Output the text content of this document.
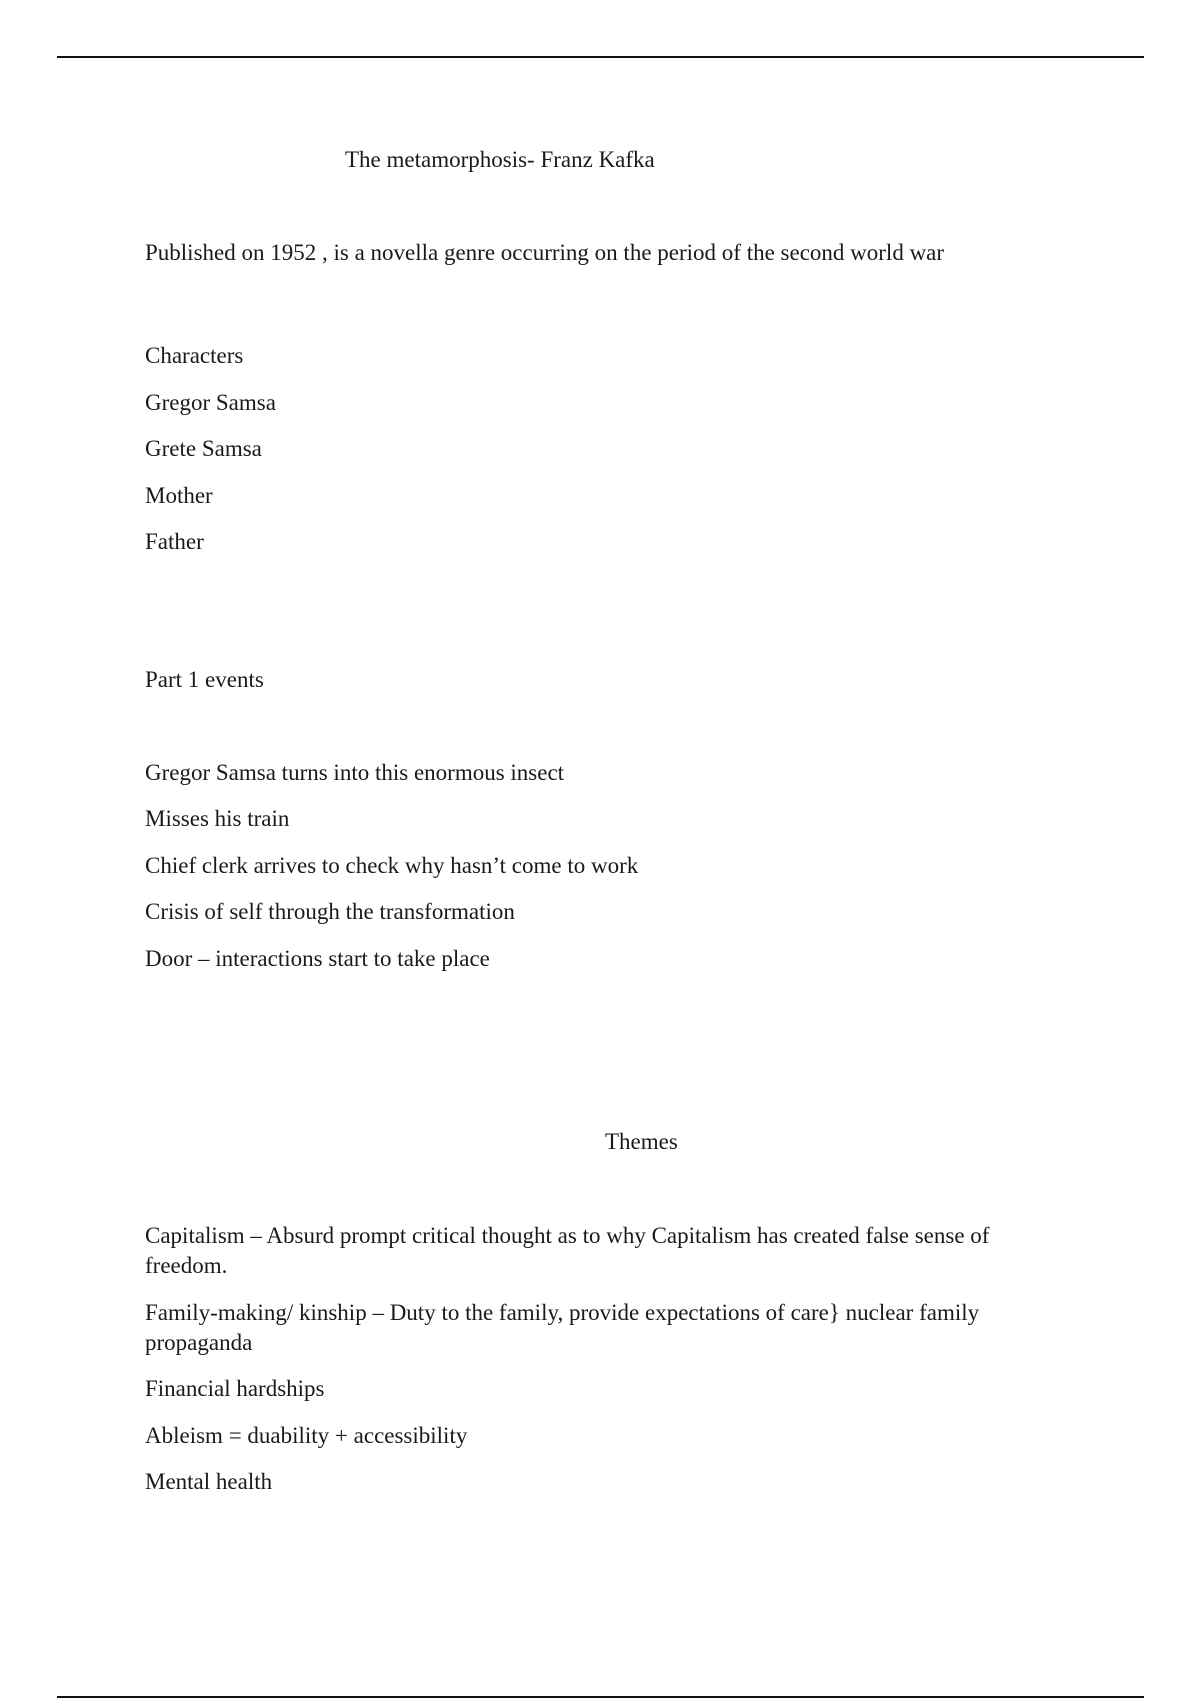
The metamorphosis- Franz Kafka
Published on 1952 , is a novella genre occurring on the period of the second world war
Characters
Gregor Samsa
Grete Samsa
Mother
Father
Part 1 events
Gregor Samsa turns into this enormous insect
Misses his train
Chief clerk arrives to check why hasn’t come to work
Crisis of self through the transformation
Door – interactions start to take place
Themes
Capitalism – Absurd prompt critical thought as to why Capitalism has created false sense of freedom.
Family-making/ kinship – Duty to the family, provide expectations of care} nuclear family propaganda
Financial hardships
Ableism = duability + accessibility
Mental health
